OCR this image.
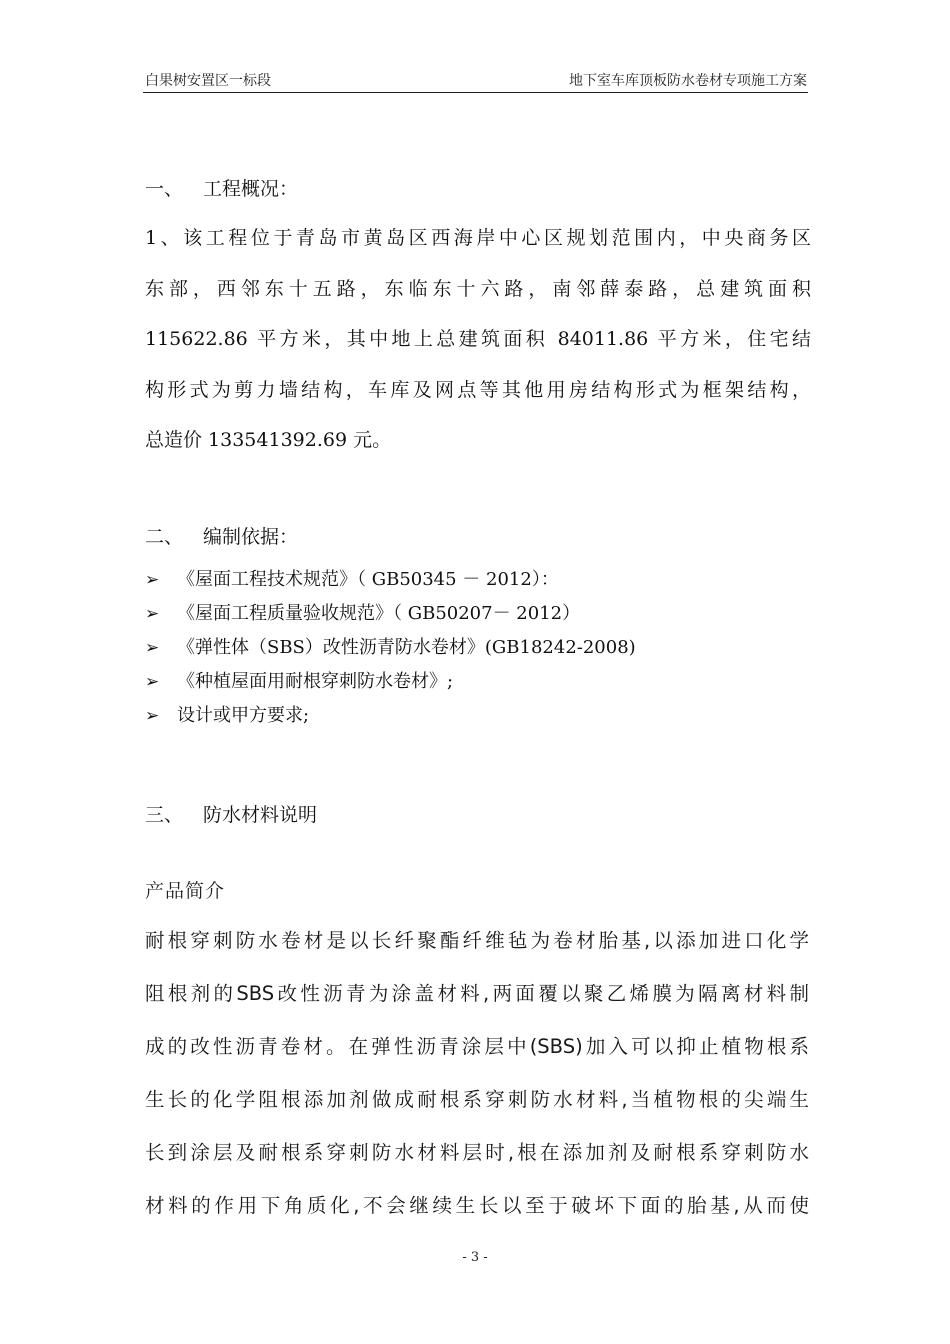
白果树安置区一标段	地下室车库顶板防水卷材专项施工方案
一、 工程概况：
1、该工程位于青岛市黄岛区西海岸中心区规划范围内，中央商务区
东部，西邻东十五路，东临东十六路，南邻薛泰路，总建筑面积
115622.86 平方米，其中地上总建筑面积 84011.86 平方米，住宅结
构形式为剪力墙结构，车库及网点等其他用房结构形式为框架结构，
总造价 133541392.69 元。
二、 编制依据：
➢ 《屋面工程技术规范》（ GB50345 － 2012）：
➢ 《屋面工程质量验收规范》（ GB50207－ 2012）
➢ 《弹性体（SBS）改性沥青防水卷材》(GB18242-2008)
➢ 《种植屋面用耐根穿刺防水卷材》;
➢ 设计或甲方要求;
三、 防水材料说明
产品简介
耐根穿刺防水卷材是以长纤聚酯纤维毡为卷材胎基,以添加进口化学
阻根剂的SBS改性沥青为涂盖材料,两面覆以聚乙烯膜为隔离材料制
成的改性沥青卷材。在弹性沥青涂层中(SBS)加入可以抑止植物根系
生长的化学阻根添加剂做成耐根系穿刺防水材料,当植物根的尖端生
长到涂层及耐根系穿刺防水材料层时,根在添加剂及耐根系穿刺防水
材料的作用下角质化,不会继续生长以至于破坏下面的胎基,从而使
- 3 -
